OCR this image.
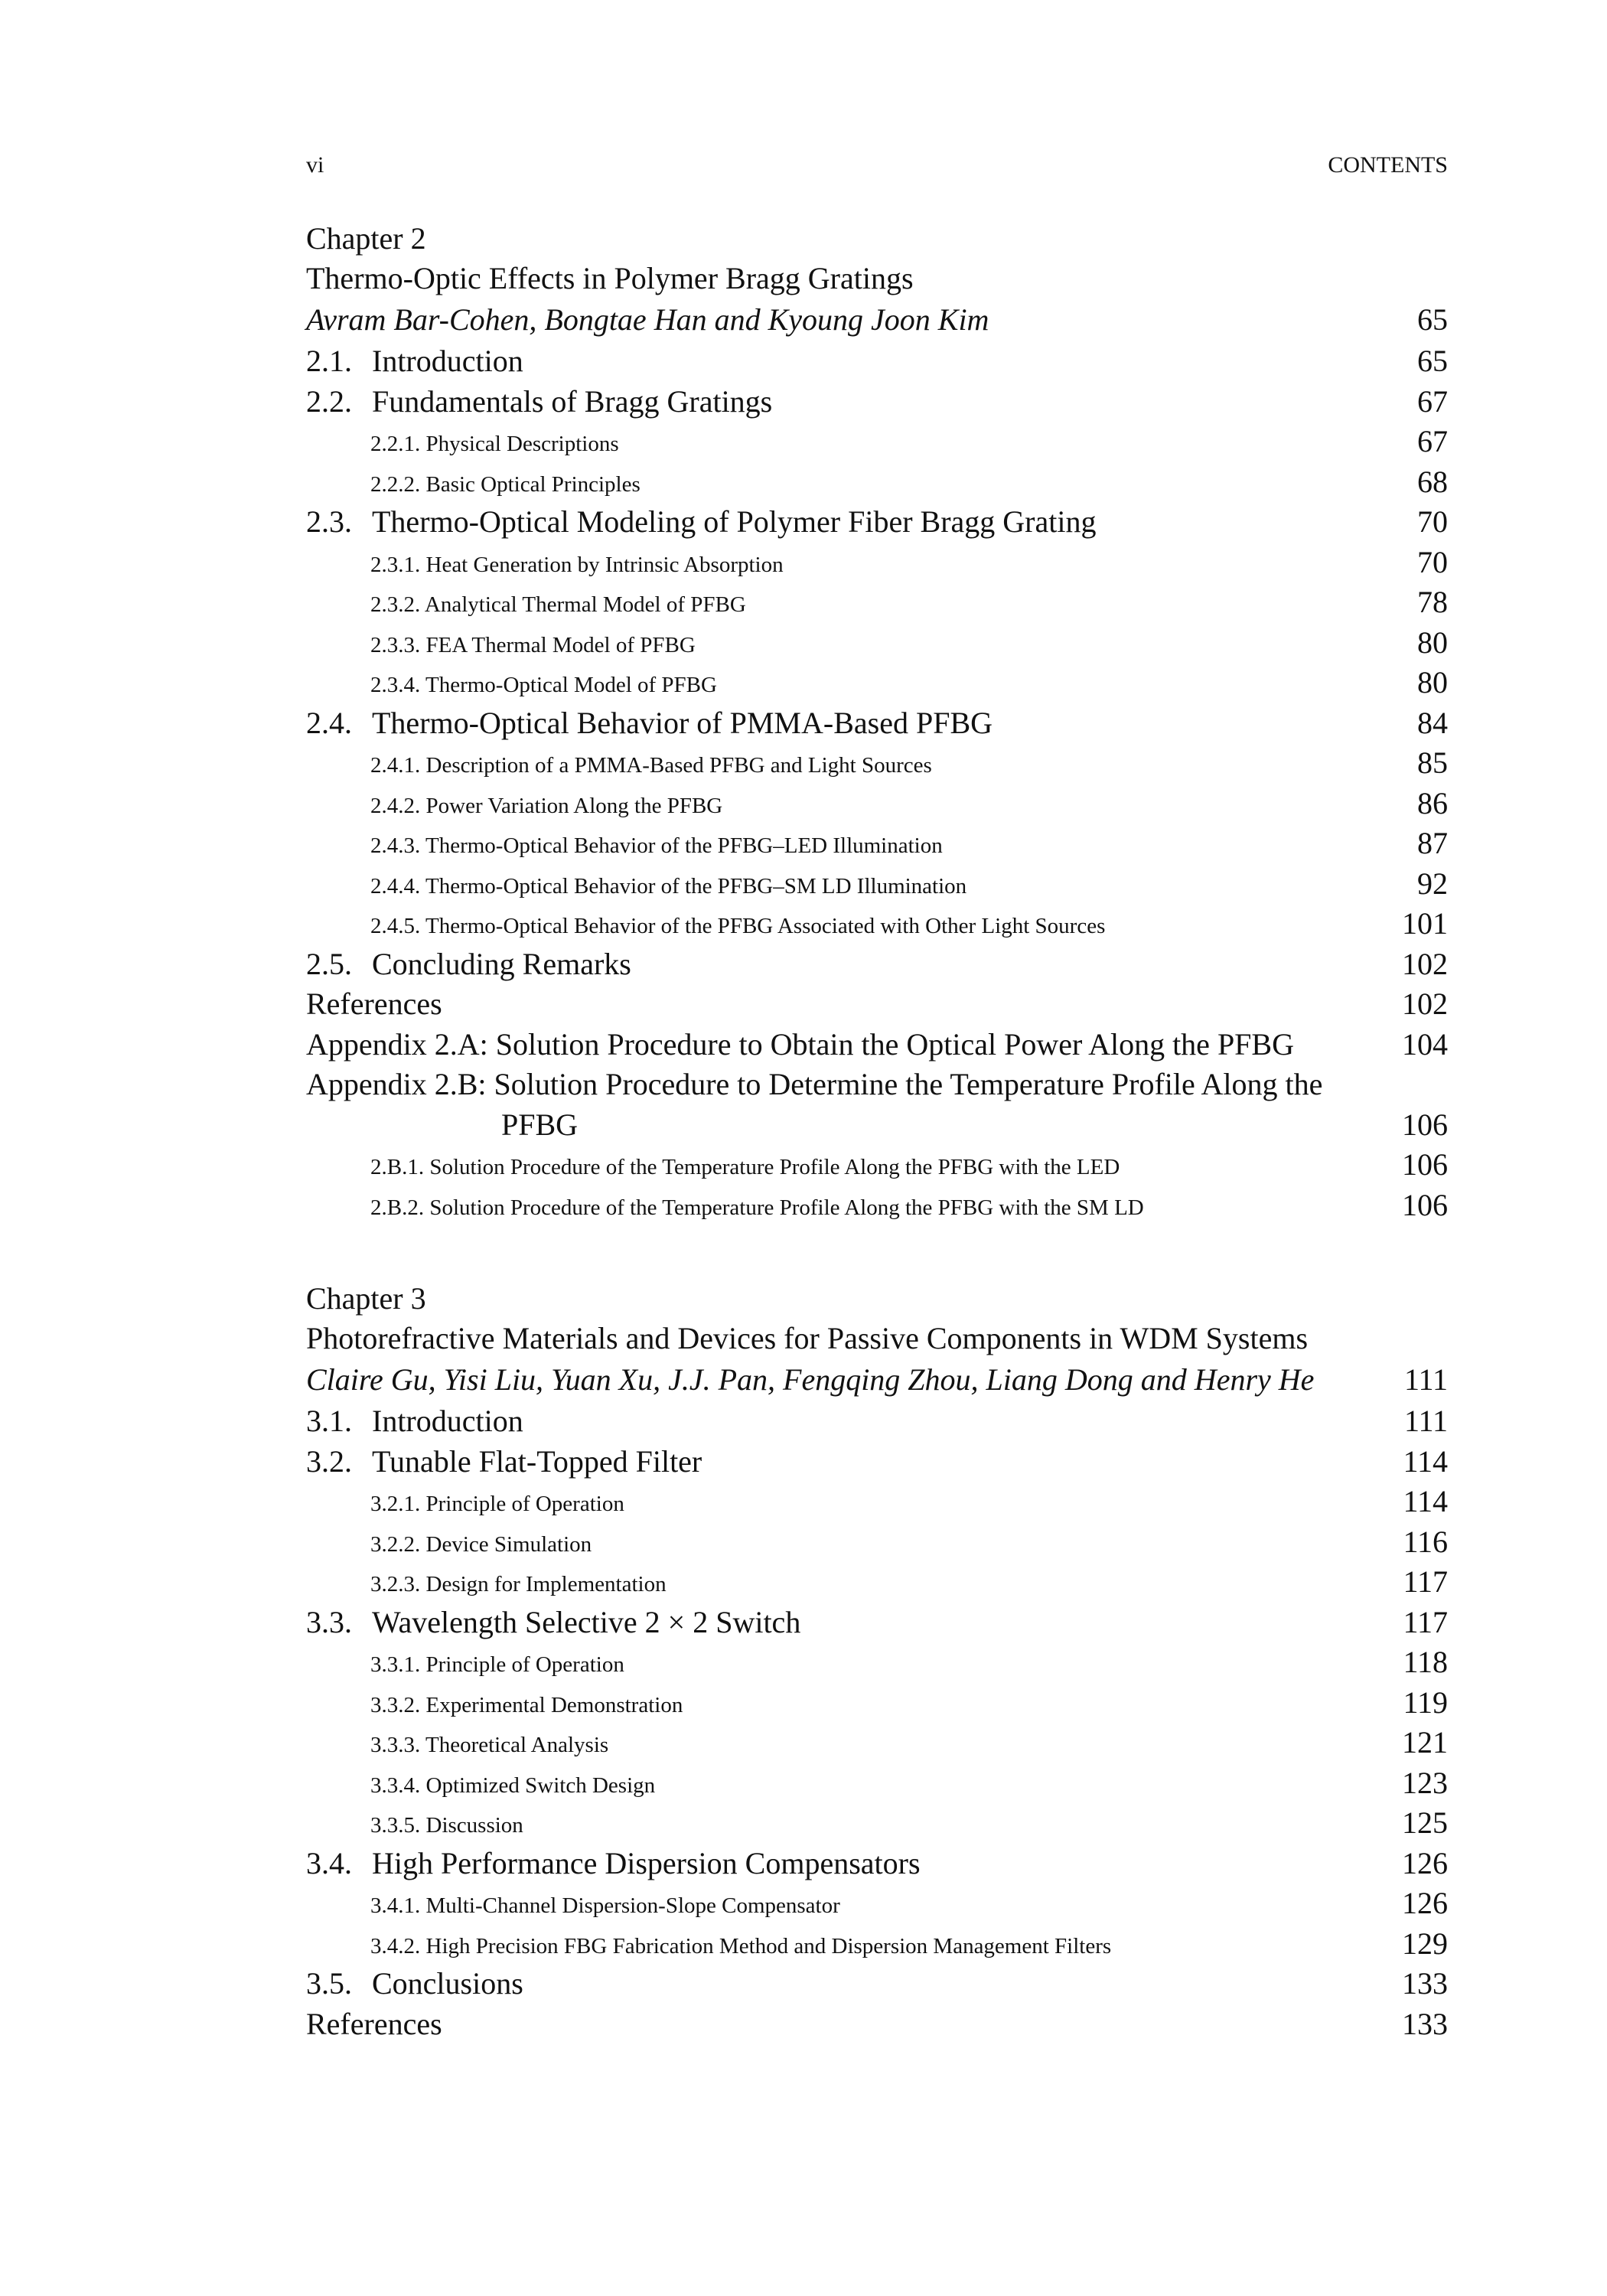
vi	CONTENTS
Chapter 2
Thermo-Optic Effects in Polymer Bragg Gratings
Avram Bar-Cohen, Bongtae Han and Kyoung Joon Kim	65
2.1. Introduction	65
2.2. Fundamentals of Bragg Gratings	67
2.2.1. Physical Descriptions	67
2.2.2. Basic Optical Principles	68
2.3. Thermo-Optical Modeling of Polymer Fiber Bragg Grating	70
2.3.1. Heat Generation by Intrinsic Absorption	70
2.3.2. Analytical Thermal Model of PFBG	78
2.3.3. FEA Thermal Model of PFBG	80
2.3.4. Thermo-Optical Model of PFBG	80
2.4. Thermo-Optical Behavior of PMMA-Based PFBG	84
2.4.1. Description of a PMMA-Based PFBG and Light Sources	85
2.4.2. Power Variation Along the PFBG	86
2.4.3. Thermo-Optical Behavior of the PFBG–LED Illumination	87
2.4.4. Thermo-Optical Behavior of the PFBG–SM LD Illumination	92
2.4.5. Thermo-Optical Behavior of the PFBG Associated with Other Light Sources	101
2.5. Concluding Remarks	102
References	102
Appendix 2.A: Solution Procedure to Obtain the Optical Power Along the PFBG	104
Appendix 2.B: Solution Procedure to Determine the Temperature Profile Along the
PFBG	106
2.B.1. Solution Procedure of the Temperature Profile Along the PFBG with the LED	106
2.B.2. Solution Procedure of the Temperature Profile Along the PFBG with the SM LD	106
Chapter 3
Photorefractive Materials and Devices for Passive Components in WDM Systems
Claire Gu, Yisi Liu, Yuan Xu, J.J. Pan, Fengqing Zhou, Liang Dong and Henry He	111
3.1. Introduction	111
3.2. Tunable Flat-Topped Filter	114
3.2.1. Principle of Operation	114
3.2.2. Device Simulation	116
3.2.3. Design for Implementation	117
3.3. Wavelength Selective 2 × 2 Switch	117
3.3.1. Principle of Operation	118
3.3.2. Experimental Demonstration	119
3.3.3. Theoretical Analysis	121
3.3.4. Optimized Switch Design	123
3.3.5. Discussion	125
3.4. High Performance Dispersion Compensators	126
3.4.1. Multi-Channel Dispersion-Slope Compensator	126
3.4.2. High Precision FBG Fabrication Method and Dispersion Management Filters	129
3.5. Conclusions	133
References	133
